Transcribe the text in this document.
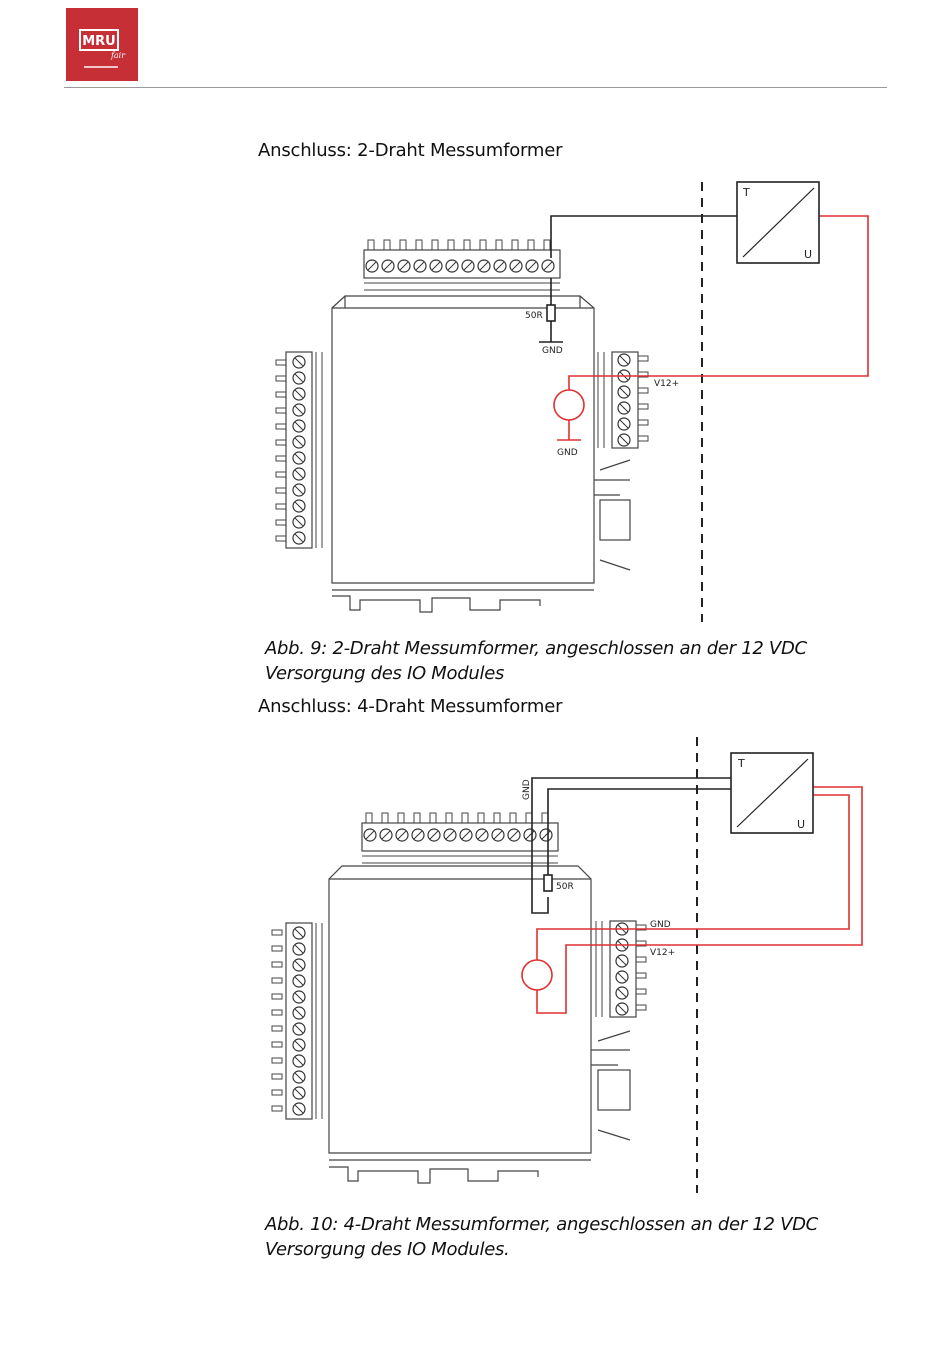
MRU
fair
Anschluss: 2-Draht Messumformer
50R
GND
GND
V12+
T
U
Abb. 9: 2-Draht Messumformer, angeschlossen an der 12 VDC
Versorgung des IO Modules
Anschluss: 4-Draht Messumformer
GND
50R
GND
V12+
T
U
Abb. 10: 4-Draht Messumformer, angeschlossen an der 12 VDC
Versorgung des IO Modules.
